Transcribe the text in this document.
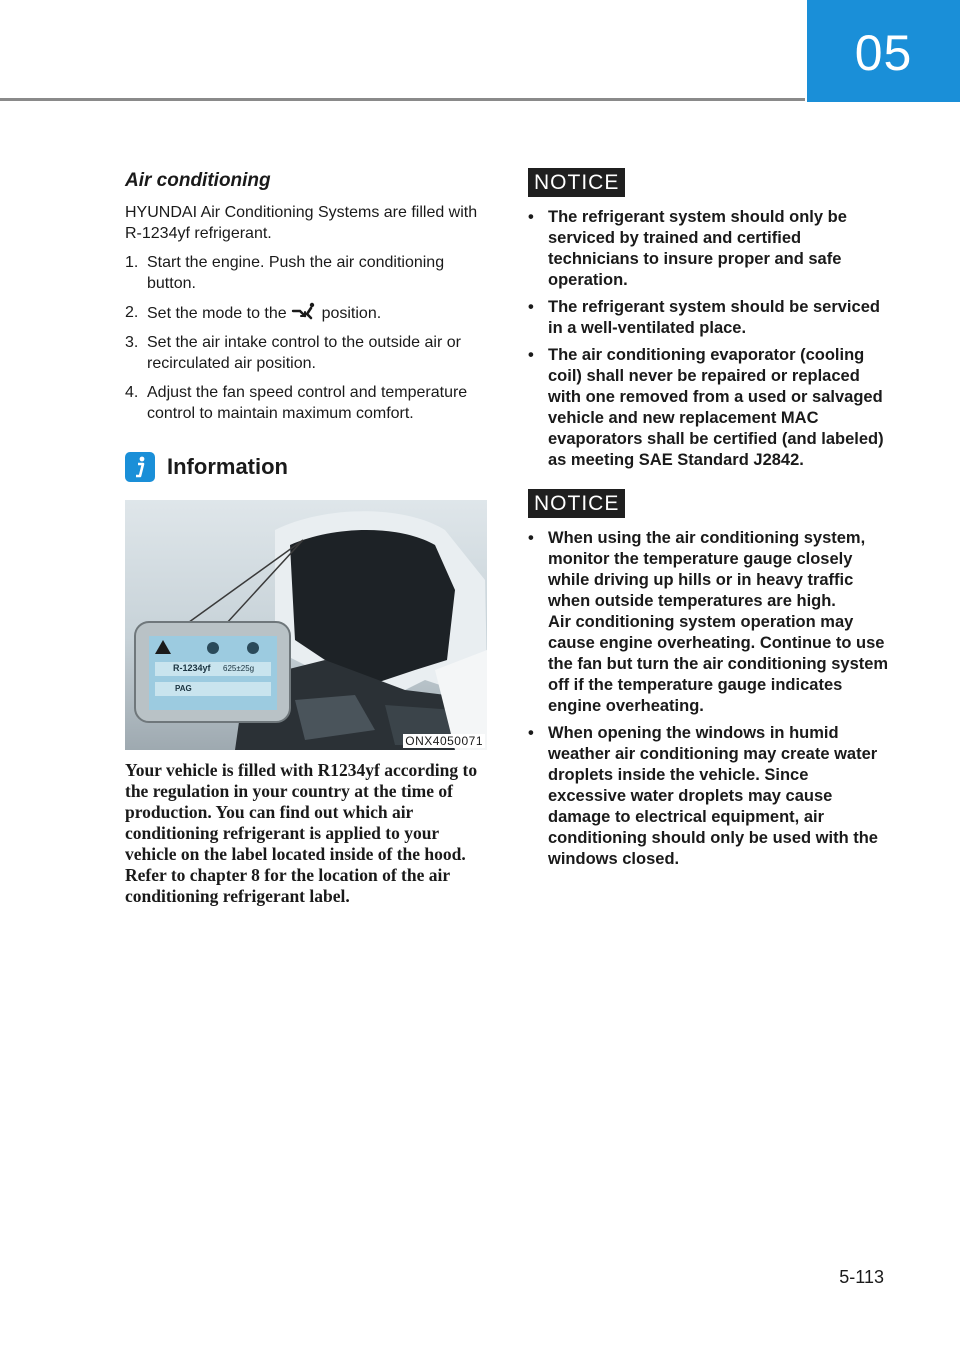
05
Air conditioning

HYUNDAI Air Conditioning Systems are filled with R-1234yf refrigerant.

1. Start the engine. Push the air conditioning button.
2. Set the mode to the position.
3. Set the air intake control to the outside air or recirculated air position.
4. Adjust the fan speed control and temperature control to maintain maximum comfort.
Information
R-1234yf 625±25g
PAG
ONX4050071

Your vehicle is filled with R1234yf according to the regulation in your country at the time of production. You can find out which air conditioning refrigerant is applied to your vehicle on the label located inside of the hood. Refer to chapter 8 for the location of the air conditioning refrigerant label.

NOTICE
• The refrigerant system should only be serviced by trained and certified technicians to insure proper and safe operation.
• The refrigerant system should be serviced in a well-ventilated place.
• The air conditioning evaporator (cooling coil) shall never be repaired or replaced with one removed from a used or salvaged vehicle and new replacement MAC evaporators shall be certified (and labeled) as meeting SAE Standard J2842.
NOTICE
• When using the air conditioning system, monitor the temperature gauge closely while driving up hills or in heavy traffic when outside temperatures are high.
Air conditioning system operation may cause engine overheating. Continue to use the fan but turn the air conditioning system off if the temperature gauge indicates engine overheating.
• When opening the windows in humid weather air conditioning may create water droplets inside the vehicle. Since excessive water droplets may cause damage to electrical equipment, air conditioning should only be used with the windows closed.
5-113
